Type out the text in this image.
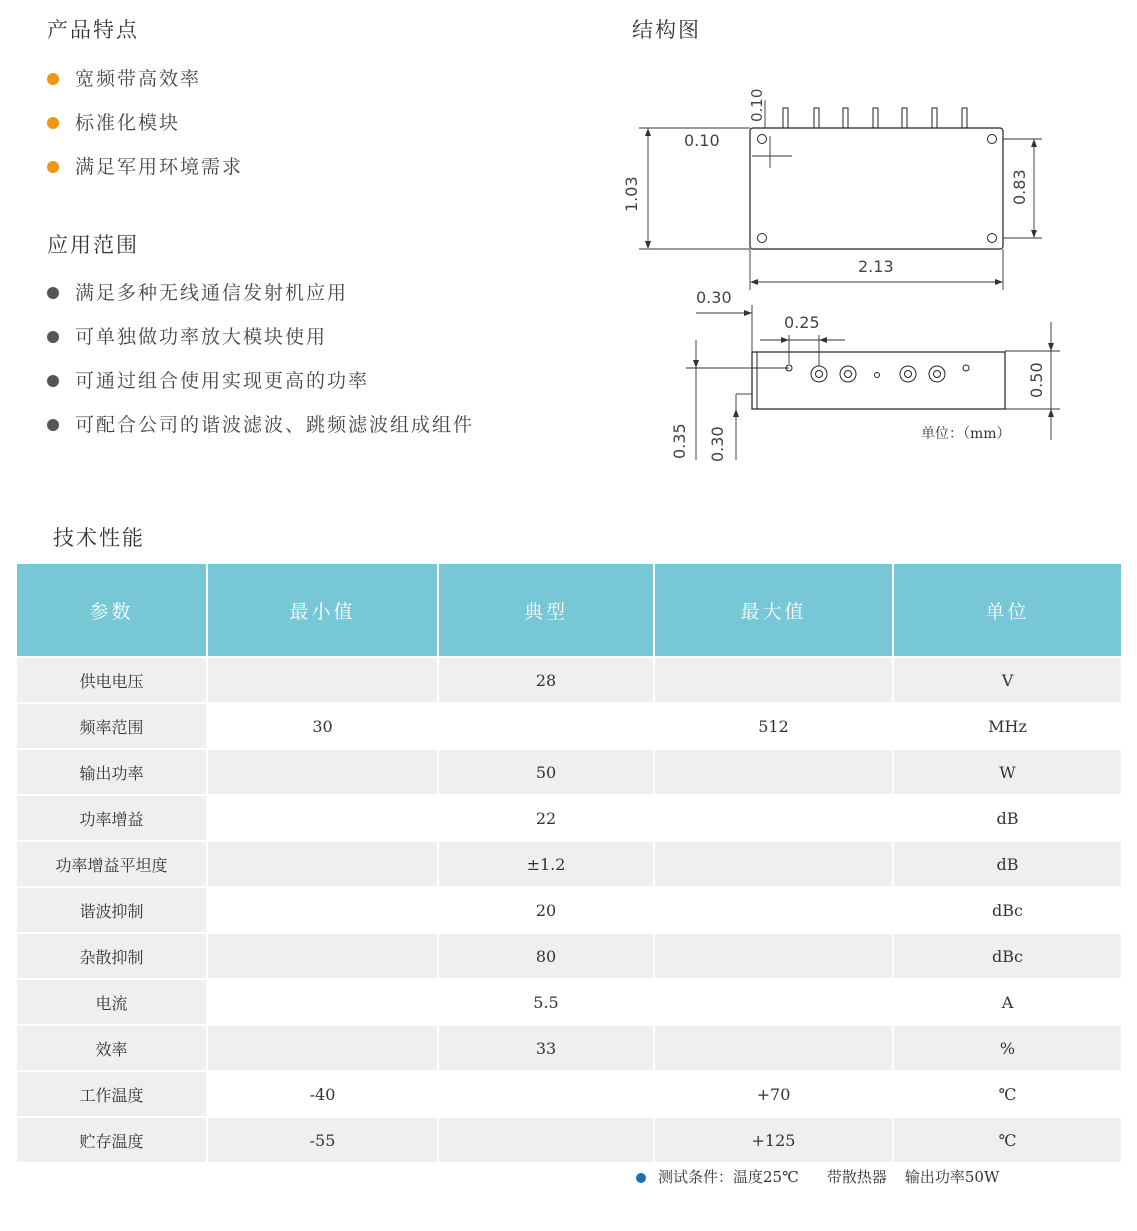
产品特点
宽频带高效率
标准化模块
满足军用环境需求
应用范围
满足多种无线通信发射机应用
可单独做功率放大模块使用
可通过组合使用实现更高的功率
可配合公司的谐波滤波、跳频滤波组成组件
结构图
0.10
0.10
1.03	0.83
2.13
0.30
0.25
0.50
0.35 0.30	单位：（mm）
技术性能
参数	最小值	典型	最大值	单位
供电电压		28		V
频率范围	30		512	MHz
输出功率		50		W
功率增益		22		dB
功率增益平坦度		±1.2		dB
谐波抑制		20		dBc
杂散抑制		80		dBc
电流		5.5		A
效率		33		%
工作温度	-40		+70	℃
贮存温度	-55		+125	℃
测试条件：温度25℃ 带散热器 输出功率50W
